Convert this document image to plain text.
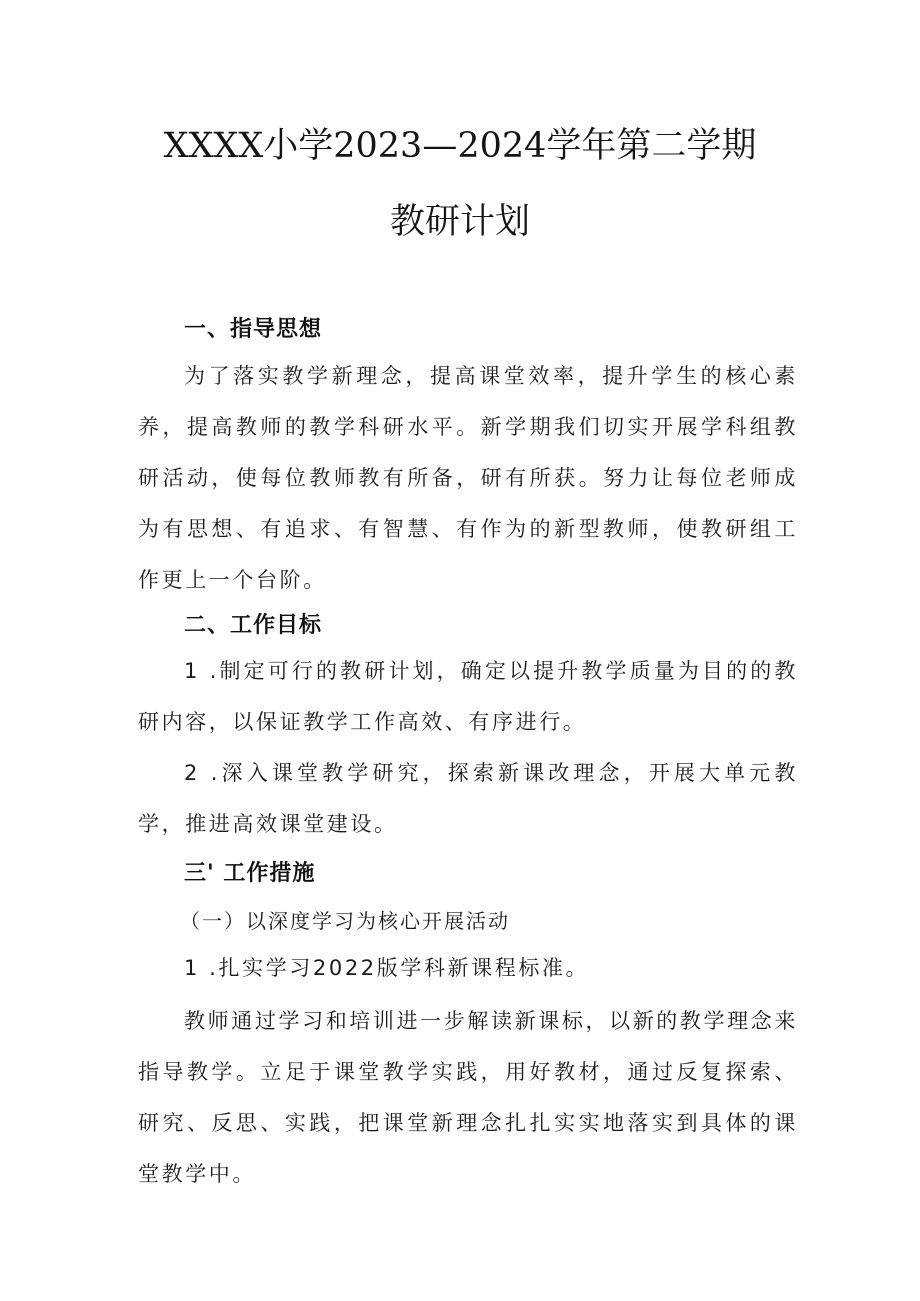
XXXX小学2023—2024学年第二学期
教研计划
一、指导思想
为了落实教学新理念，提高课堂效率，提升学生的核心素养，提高教师的教学科研水平。新学期我们切实开展学科组教研活动，使每位教师教有所备，研有所获。努力让每位老师成为有思想、有追求、有智慧、有作为的新型教师，使教研组工作更上一个台阶。
二、工作目标
1 .制定可行的教研计划，确定以提升教学质量为目的的教研内容，以保证教学工作高效、有序进行。
2 .深入课堂教学研究，探索新课改理念，开展大单元教学，推进高效课堂建设。
三' 工作措施
（一）以深度学习为核心开展活动
1 .扎实学习2022版学科新课程标准。
教师通过学习和培训进一步解读新课标，以新的教学理念来指导教学。立足于课堂教学实践，用好教材，通过反复探索、研究、反思、实践，把课堂新理念扎扎实实地落实到具体的课堂教学中。
